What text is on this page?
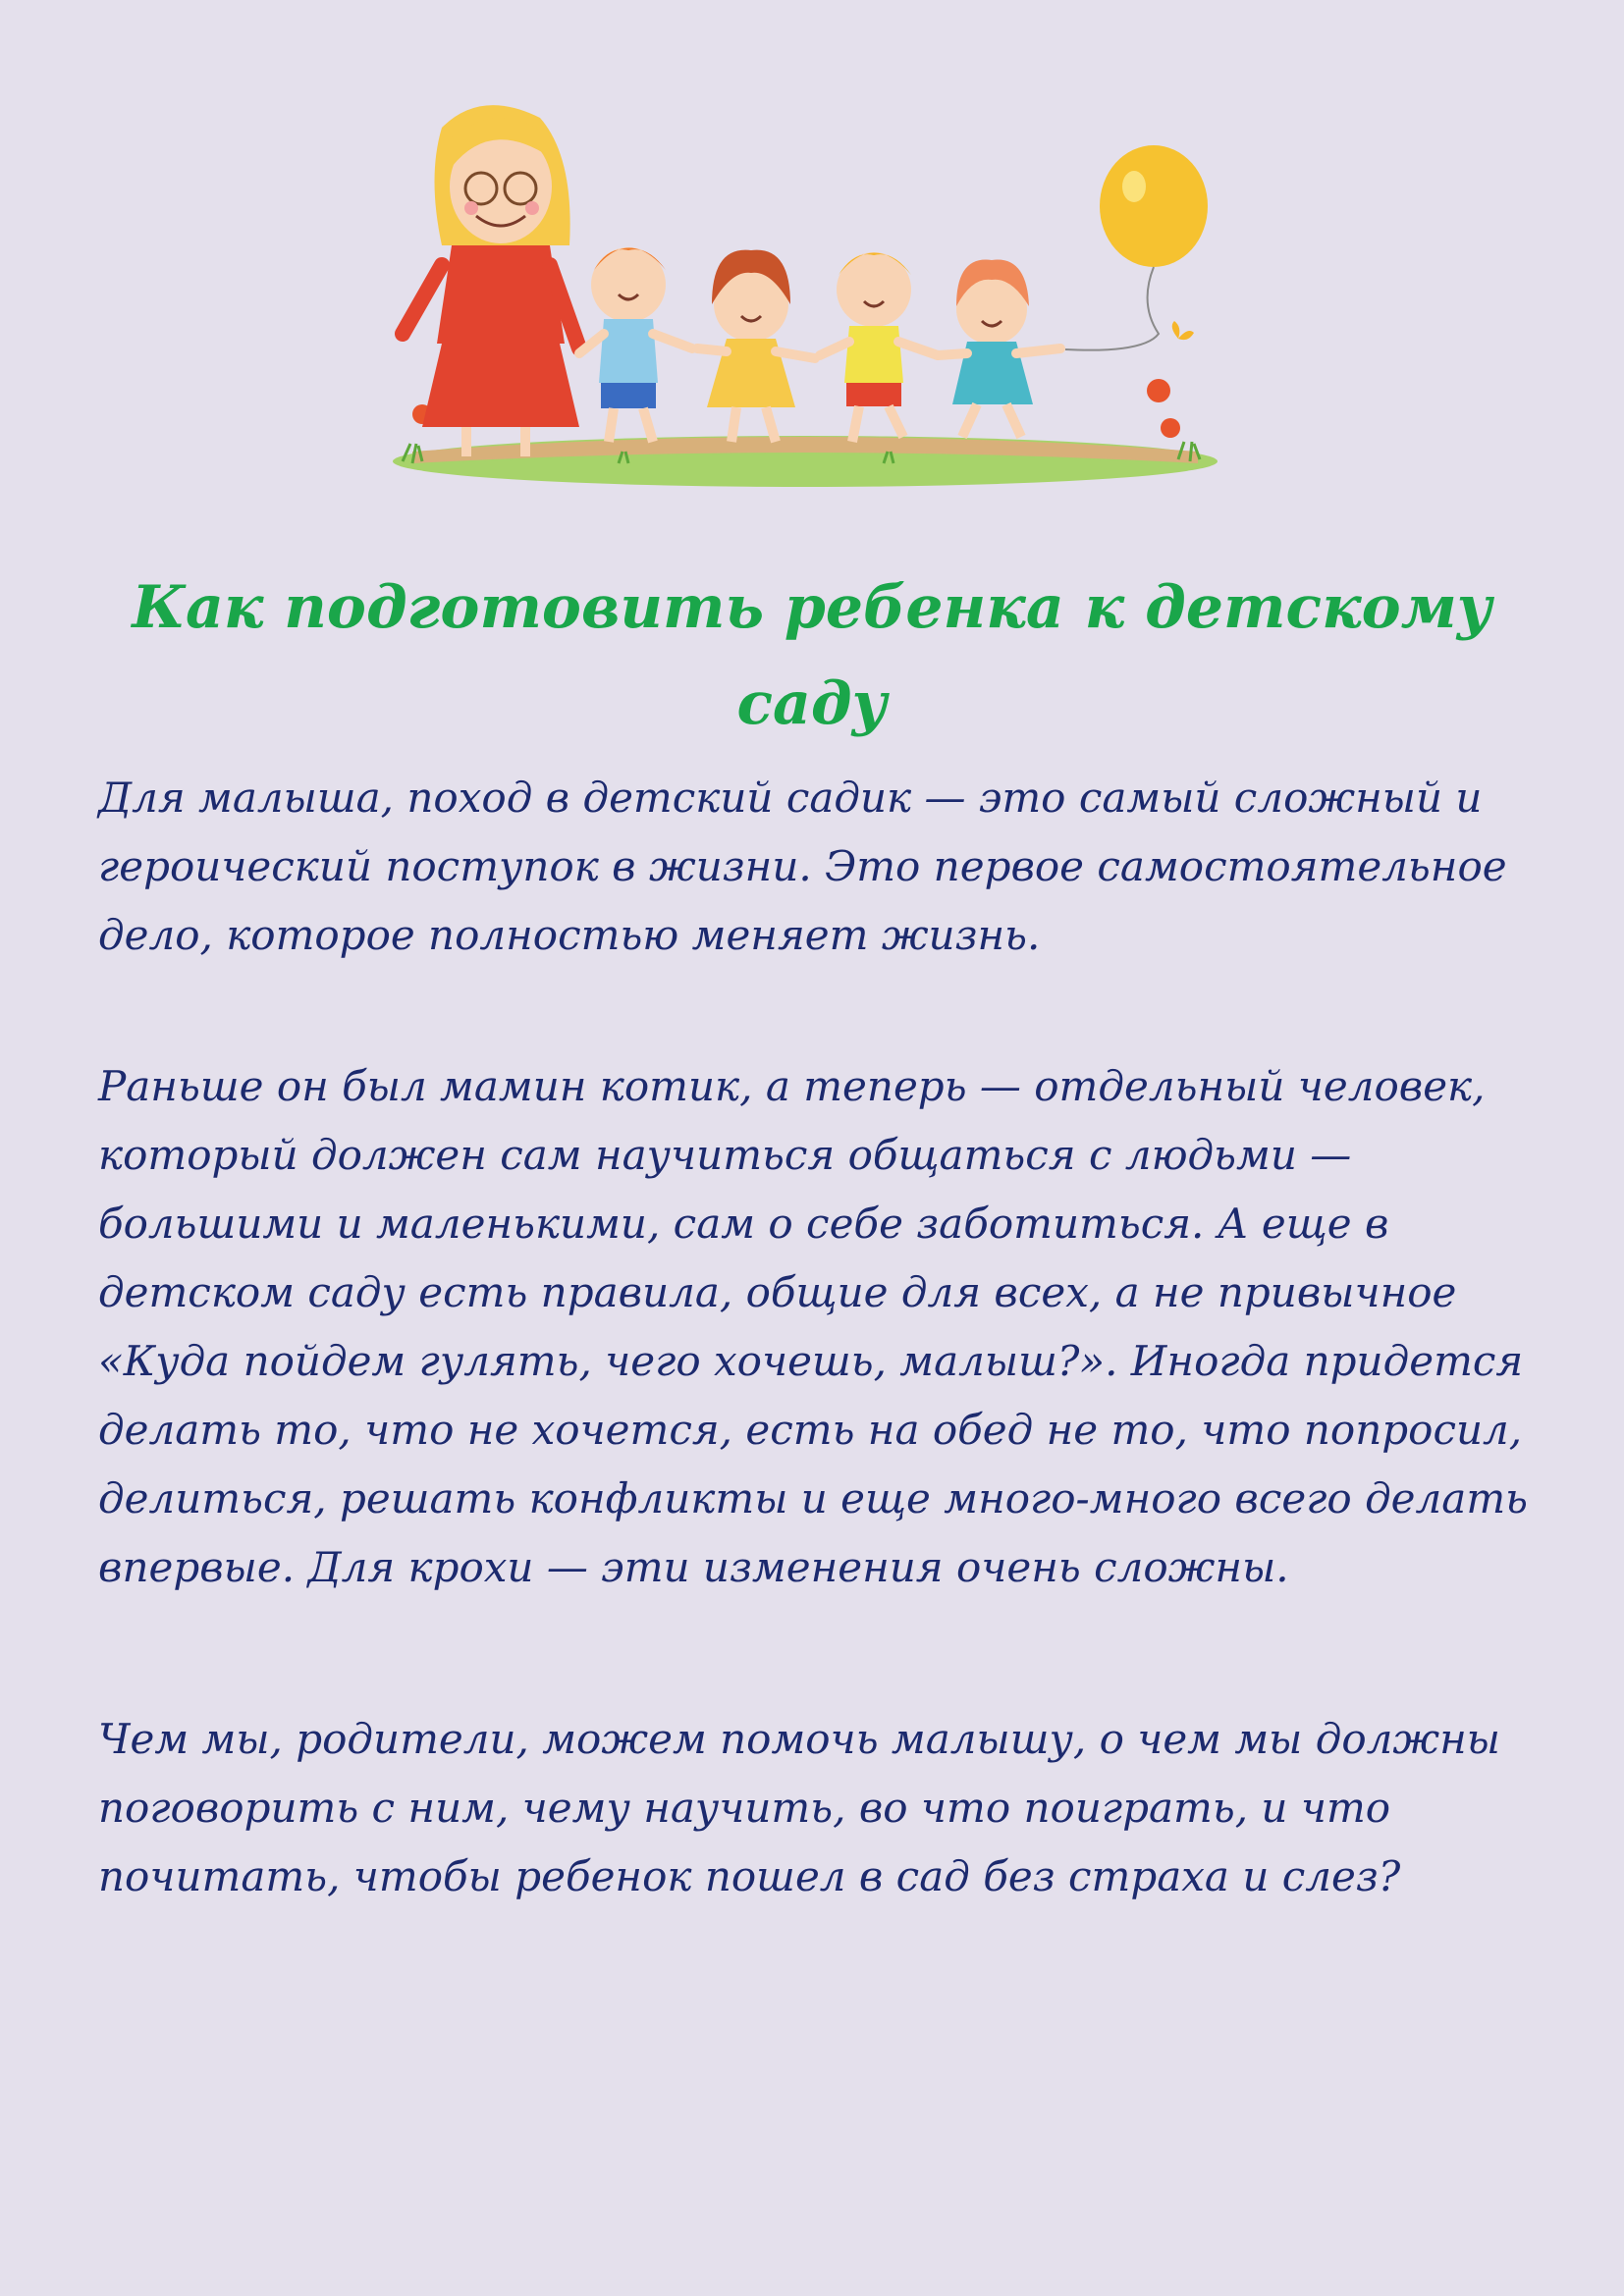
Как подготовить ребенка к детскому саду

Для малыша, поход в детский садик — это самый сложный и героический поступок в жизни. Это первое самостоятельное дело, которое полностью меняет жизнь.

Раньше он был мамин котик, а теперь — отдельный человек, который должен сам научиться общаться с людьми — большими и маленькими, сам о себе заботиться. А еще в детском саду есть правила, общие для всех, а не привычное «Куда пойдем гулять, чего хочешь, малыш?». Иногда придется делать то, что не хочется, есть на обед не то, что попросил, делиться, решать конфликты и еще много-много всего делать впервые. Для крохи — эти изменения очень сложны.

Чем мы, родители, можем помочь малышу, о чем мы должны поговорить с ним, чему научить, во что поиграть, и что почитать, чтобы ребенок пошел в сад без страха и слез?
